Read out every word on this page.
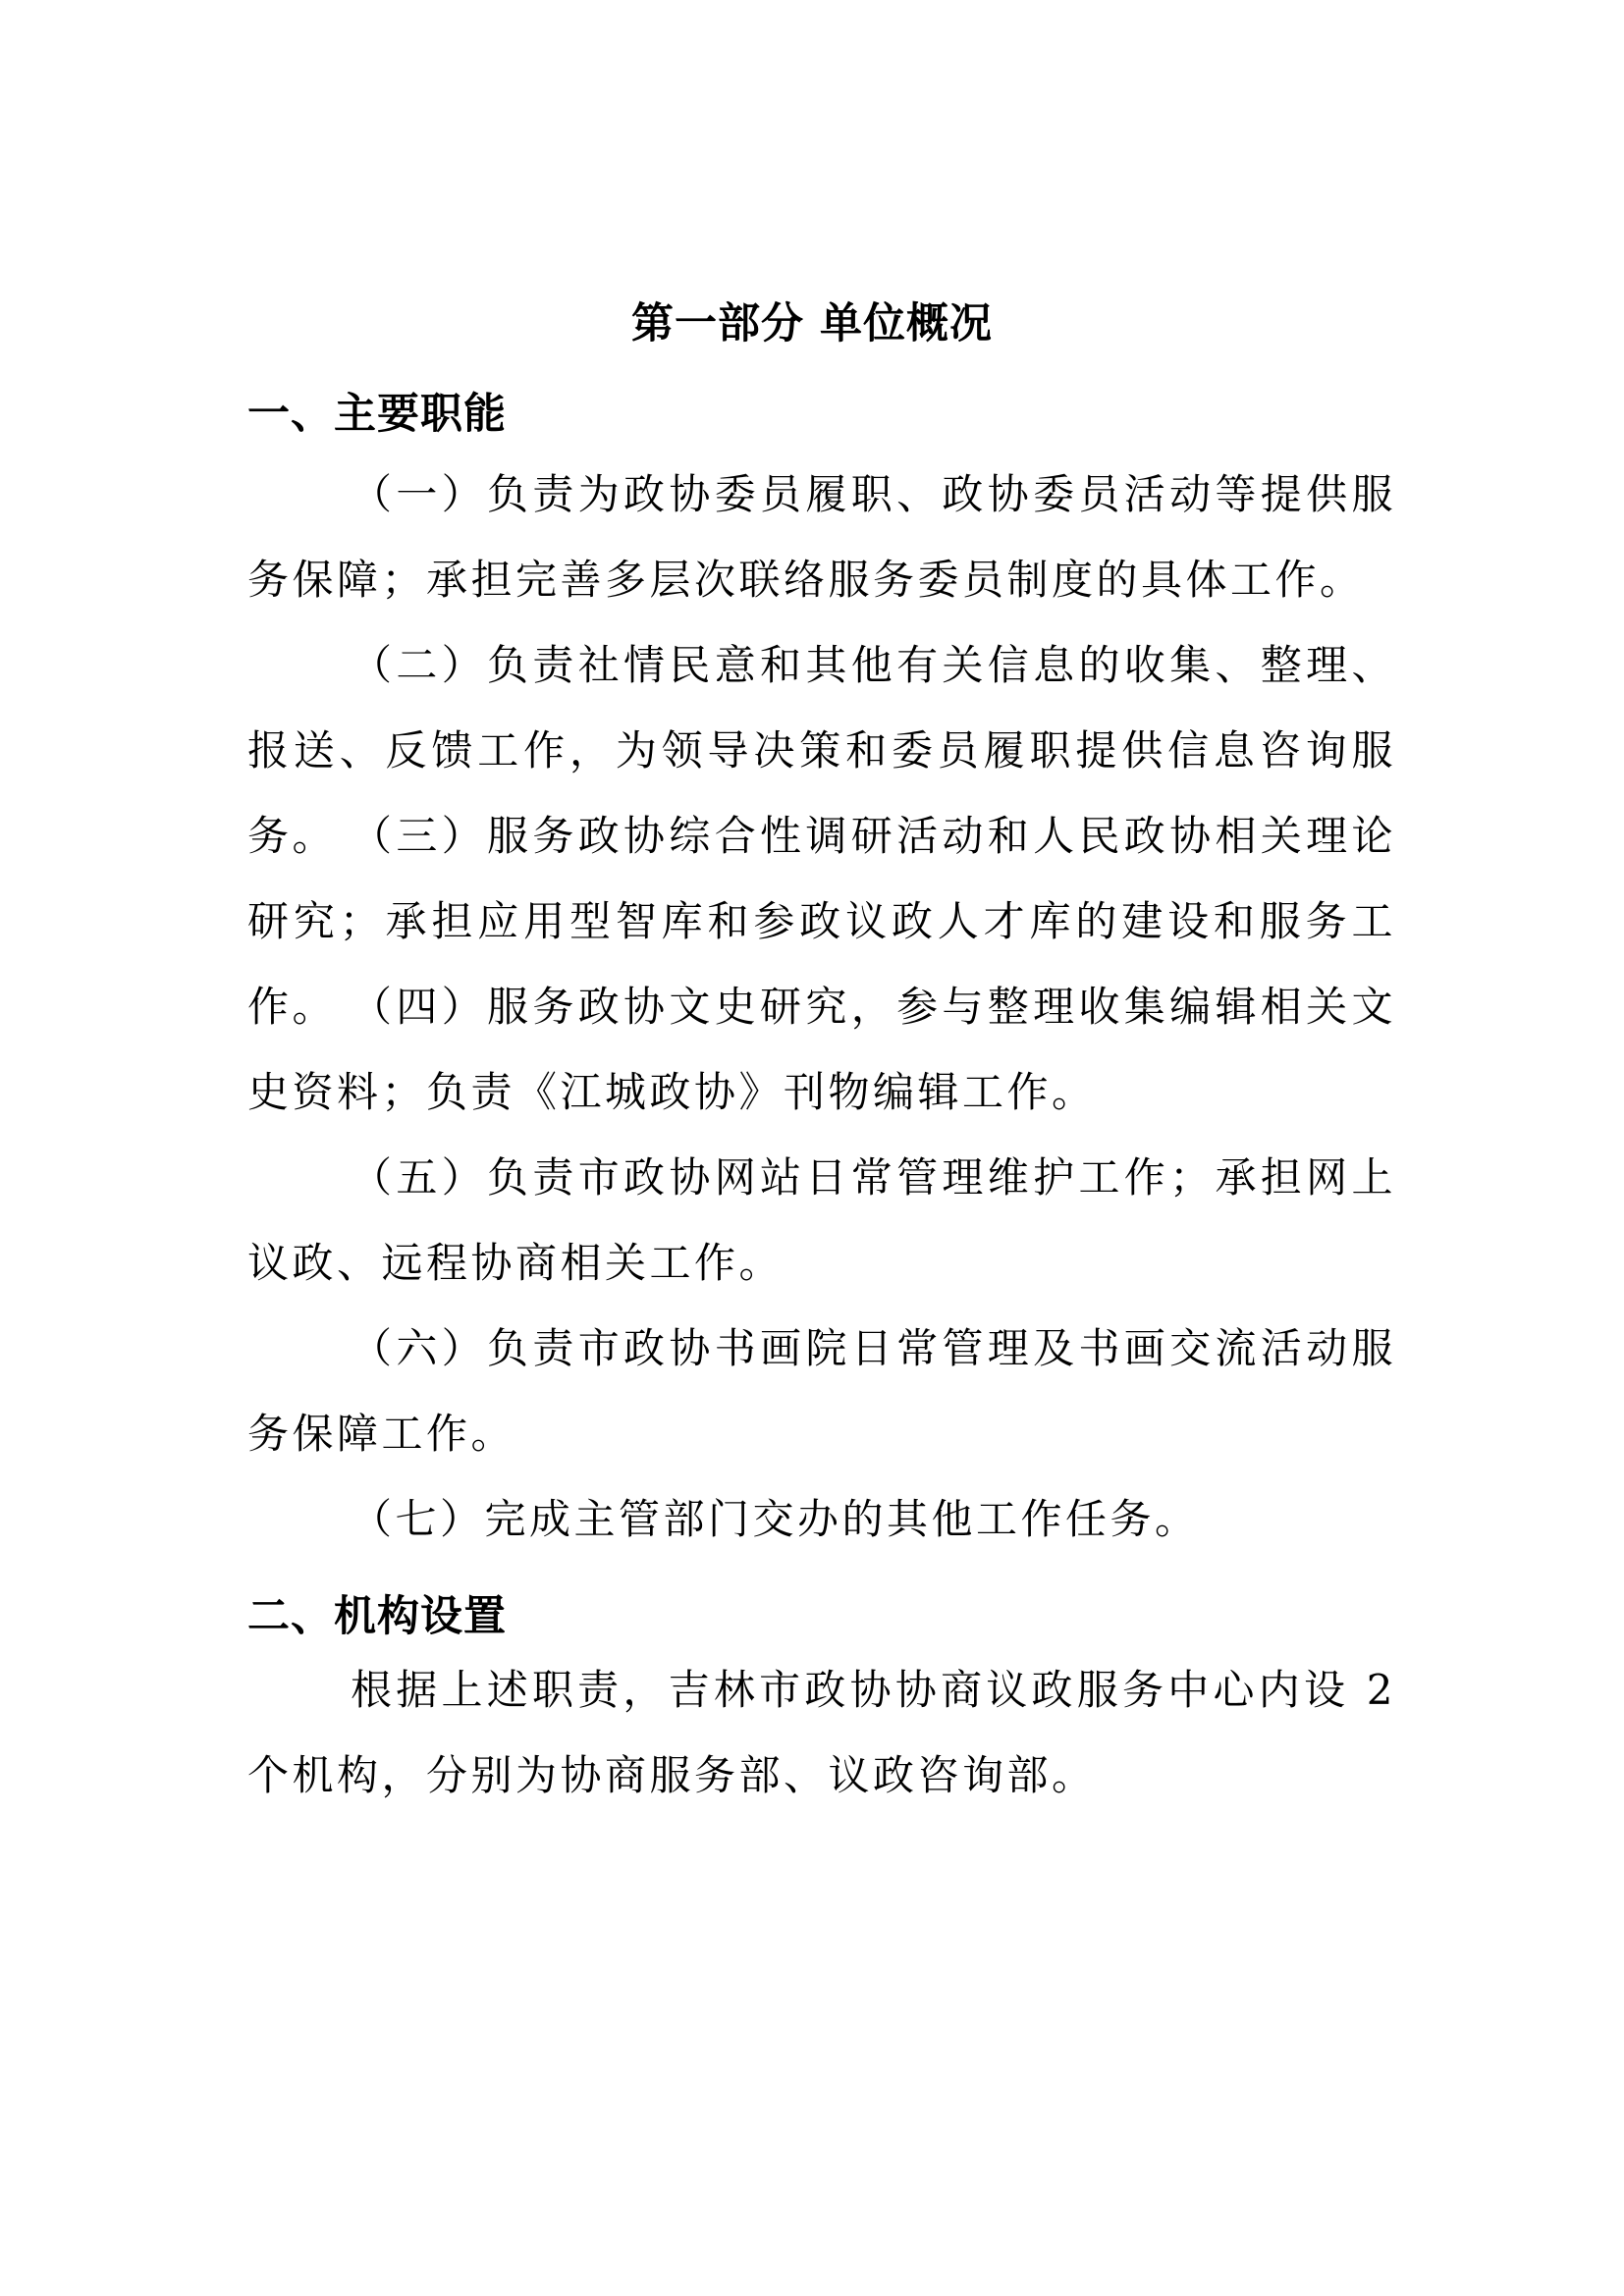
第一部分 单位概况
一、主要职能

（一）负责为政协委员履职、政协委员活动等提供服务保障；承担完善多层次联络服务委员制度的具体工作。

（二）负责社情民意和其他有关信息的收集、整理、报送、反馈工作，为领导决策和委员履职提供信息咨询服务。 （三）服务政协综合性调研活动和人民政协相关理论研究；承担应用型智库和参政议政人才库的建设和服务工作。 （四）服务政协文史研究，参与整理收集编辑相关文史资料；负责《江城政协》刊物编辑工作。

（五）负责市政协网站日常管理维护工作；承担网上议政、远程协商相关工作。

（六）负责市政协书画院日常管理及书画交流活动服务保障工作。

（七）完成主管部门交办的其他工作任务。

二、机构设置

根据上述职责，吉林市政协协商议政服务中心内设 2 个机构，分别为协商服务部、议政咨询部。
